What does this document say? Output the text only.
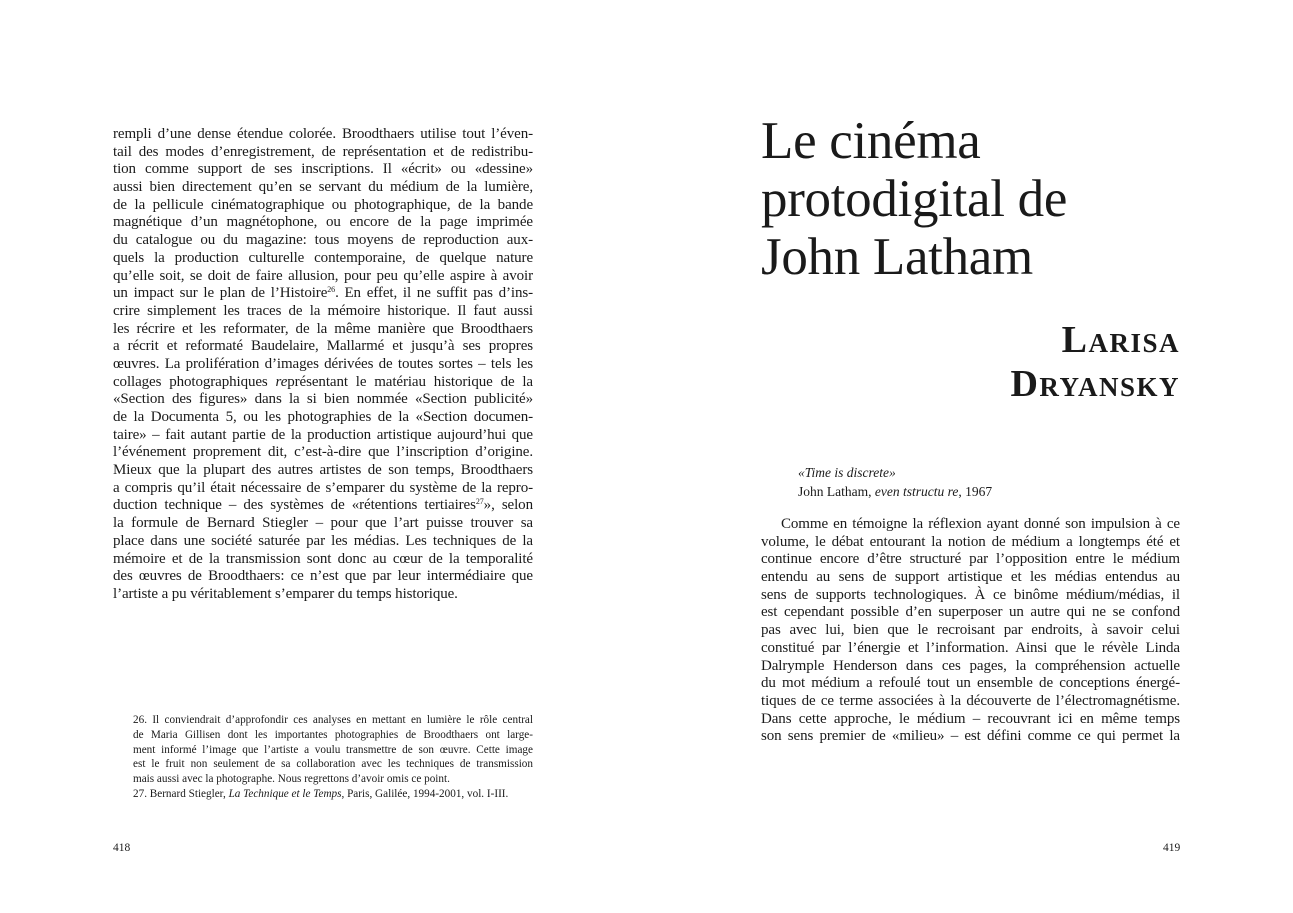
rempli d’une dense étendue colorée. Broodthaers utilise tout l’éven-
tail des modes d’enregistrement, de représentation et de redistribu-
tion comme support de ses inscriptions. Il «écrit» ou «dessine»
aussi bien directement qu’en se servant du médium de la lumière,
de la pellicule cinématographique ou photographique, de la bande
magnétique d’un magnétophone, ou encore de la page imprimée
du catalogue ou du magazine: tous moyens de reproduction aux-
quels la production culturelle contemporaine, de quelque nature
qu’elle soit, se doit de faire allusion, pour peu qu’elle aspire à avoir
un impact sur le plan de l’Histoire$^{26}$. En effet, il ne suffit pas d’ins-
crire simplement les traces de la mémoire historique. Il faut aussi
les récrire et les reformater, de la même manière que Broodthaers
a récrit et reformaté Baudelaire, Mallarmé et jusqu’à ses propres
œuvres. La prolifération d’images dérivées de toutes sortes – tels les
collages photographiques représentant le matériau historique de la
«Section des figures» dans la si bien nommée «Section publicité»
de la Documenta 5, ou les photographies de la «Section documen-
taire» – fait autant partie de la production artistique aujourd’hui que
l’événement proprement dit, c’est-à-dire que l’inscription d’origine.
Mieux que la plupart des autres artistes de son temps, Broodthaers
a compris qu’il était nécessaire de s’emparer du système de la repro-
duction technique – des systèmes de «rétentions tertiaires$^{27}$», selon
la formule de Bernard Stiegler – pour que l’art puisse trouver sa
place dans une société saturée par les médias. Les techniques de la
mémoire et de la transmission sont donc au cœur de la temporalité
des œuvres de Broodthaers: ce n’est que par leur intermédiaire que
l’artiste a pu véritablement s’emparer du temps historique.
26. Il conviendrait d’approfondir ces analyses en mettant en lumière le rôle central
de Maria Gillisen dont les importantes photographies de Broodthaers ont large-
ment informé l’image que l’artiste a voulu transmettre de son œuvre. Cette image
est le fruit non seulement de sa collaboration avec les techniques de transmission
mais aussi avec la photographe. Nous regrettons d’avoir omis ce point.
27. Bernard Stiegler, La Technique et le Temps, Paris, Galilée, 1994-2001, vol. I-III.
418
Le cinéma
protodigital de
John Latham
Larisa Dryansky
«Time is discrete»
John Latham, even tstructu re, 1967
Comme en témoigne la réflexion ayant donné son impulsion à ce
volume, le débat entourant la notion de médium a longtemps été et
continue encore d’être structuré par l’opposition entre le médium
entendu au sens de support artistique et les médias entendus au
sens de supports technologiques. À ce binôme médium/médias, il
est cependant possible d’en superposer un autre qui ne se confond
pas avec lui, bien que le recroisant par endroits, à savoir celui
constitué par l’énergie et l’information. Ainsi que le révèle Linda
Dalrymple Henderson dans ces pages, la compréhension actuelle
du mot médium a refoulé tout un ensemble de conceptions énergé-
tiques de ce terme associées à la découverte de l’électromagnétisme.
Dans cette approche, le médium – recouvrant ici en même temps
son sens premier de «milieu» – est défini comme ce qui permet la
419
